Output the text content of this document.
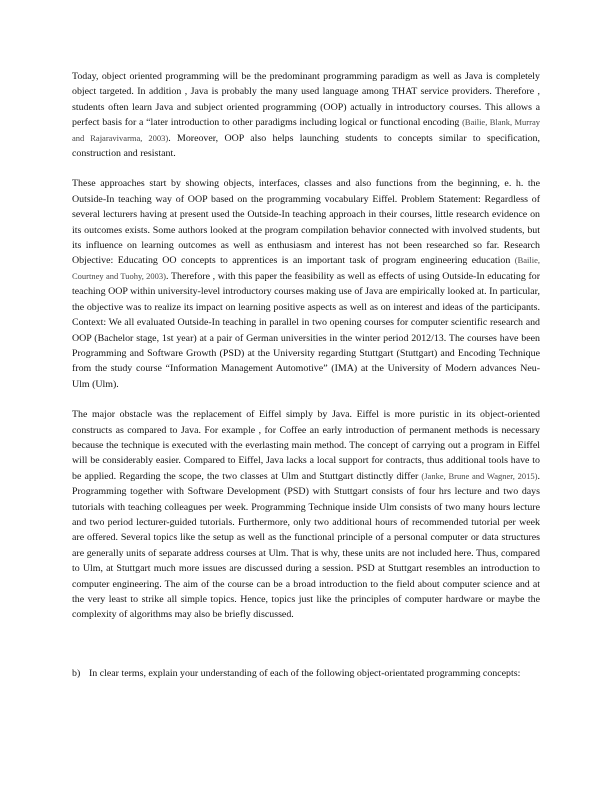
Today, object oriented programming will be the predominant programming paradigm as well as Java is completely object targeted. In addition , Java is probably the many used language among THAT service providers. Therefore , students often learn Java and subject oriented programming (OOP) actually in introductory courses. This allows a perfect basis for a “later introduction to other paradigms including logical or functional encoding (Bailie, Blank, Murray and Rajaravivarma, 2003). Moreover, OOP also helps launching students to concepts similar to specification, construction and resistant.

These approaches start by showing objects, interfaces, classes and also functions from the beginning, e. h. the Outside-In teaching way of OOP based on the programming vocabulary Eiffel. Problem Statement: Regardless of several lecturers having at present used the Outside-In teaching approach in their courses, little research evidence on its outcomes exists. Some authors looked at the program compilation behavior connected with involved students, but its influence on learning outcomes as well as enthusiasm and interest has not been researched so far. Research Objective: Educating OO concepts to apprentices is an important task of program engineering education (Bailie, Courtney and Tuohy, 2003). Therefore , with this paper the feasibility as well as effects of using Outside-In educating for teaching OOP within university-level introductory courses making use of Java are empirically looked at. In particular, the objective was to realize its impact on learning positive aspects as well as on interest and ideas of the participants. Context: We all evaluated Outside-In teaching in parallel in two opening courses for computer scientific research and OOP (Bachelor stage, 1st year) at a pair of German universities in the winter period 2012/13. The courses have been Programming and Software Growth (PSD) at the University regarding Stuttgart (Stuttgart) and Encoding Technique from the study course “Information Management Automotive” (IMA) at the University of Modern advances Neu-Ulm (Ulm).

The major obstacle was the replacement of Eiffel simply by Java. Eiffel is more puristic in its object-oriented constructs as compared to Java. For example , for Coffee an early introduction of permanent methods is necessary because the technique is executed with the everlasting main method. The concept of carrying out a program in Eiffel will be considerably easier. Compared to Eiffel, Java lacks a local support for contracts, thus additional tools have to be applied. Regarding the scope, the two classes at Ulm and Stuttgart distinctly differ (Janke, Brune and Wagner, 2015). Programming together with Software Development (PSD) with Stuttgart consists of four hrs lecture and two days tutorials with teaching colleagues per week. Programming Technique inside Ulm consists of two many hours lecture and two period lecturer-guided tutorials. Furthermore, only two additional hours of recommended tutorial per week are offered. Several topics like the setup as well as the functional principle of a personal computer or data structures are generally units of separate address courses at Ulm. That is why, these units are not included here. Thus, compared to Ulm, at Stuttgart much more issues are discussed during a session. PSD at Stuttgart resembles an introduction to computer engineering. The aim of the course can be a broad introduction to the field about computer science and at the very least to strike all simple topics. Hence, topics just like the principles of computer hardware or maybe the complexity of algorithms may also be briefly discussed.

b) In clear terms, explain your understanding of each of the following object-orientated programming concepts:
